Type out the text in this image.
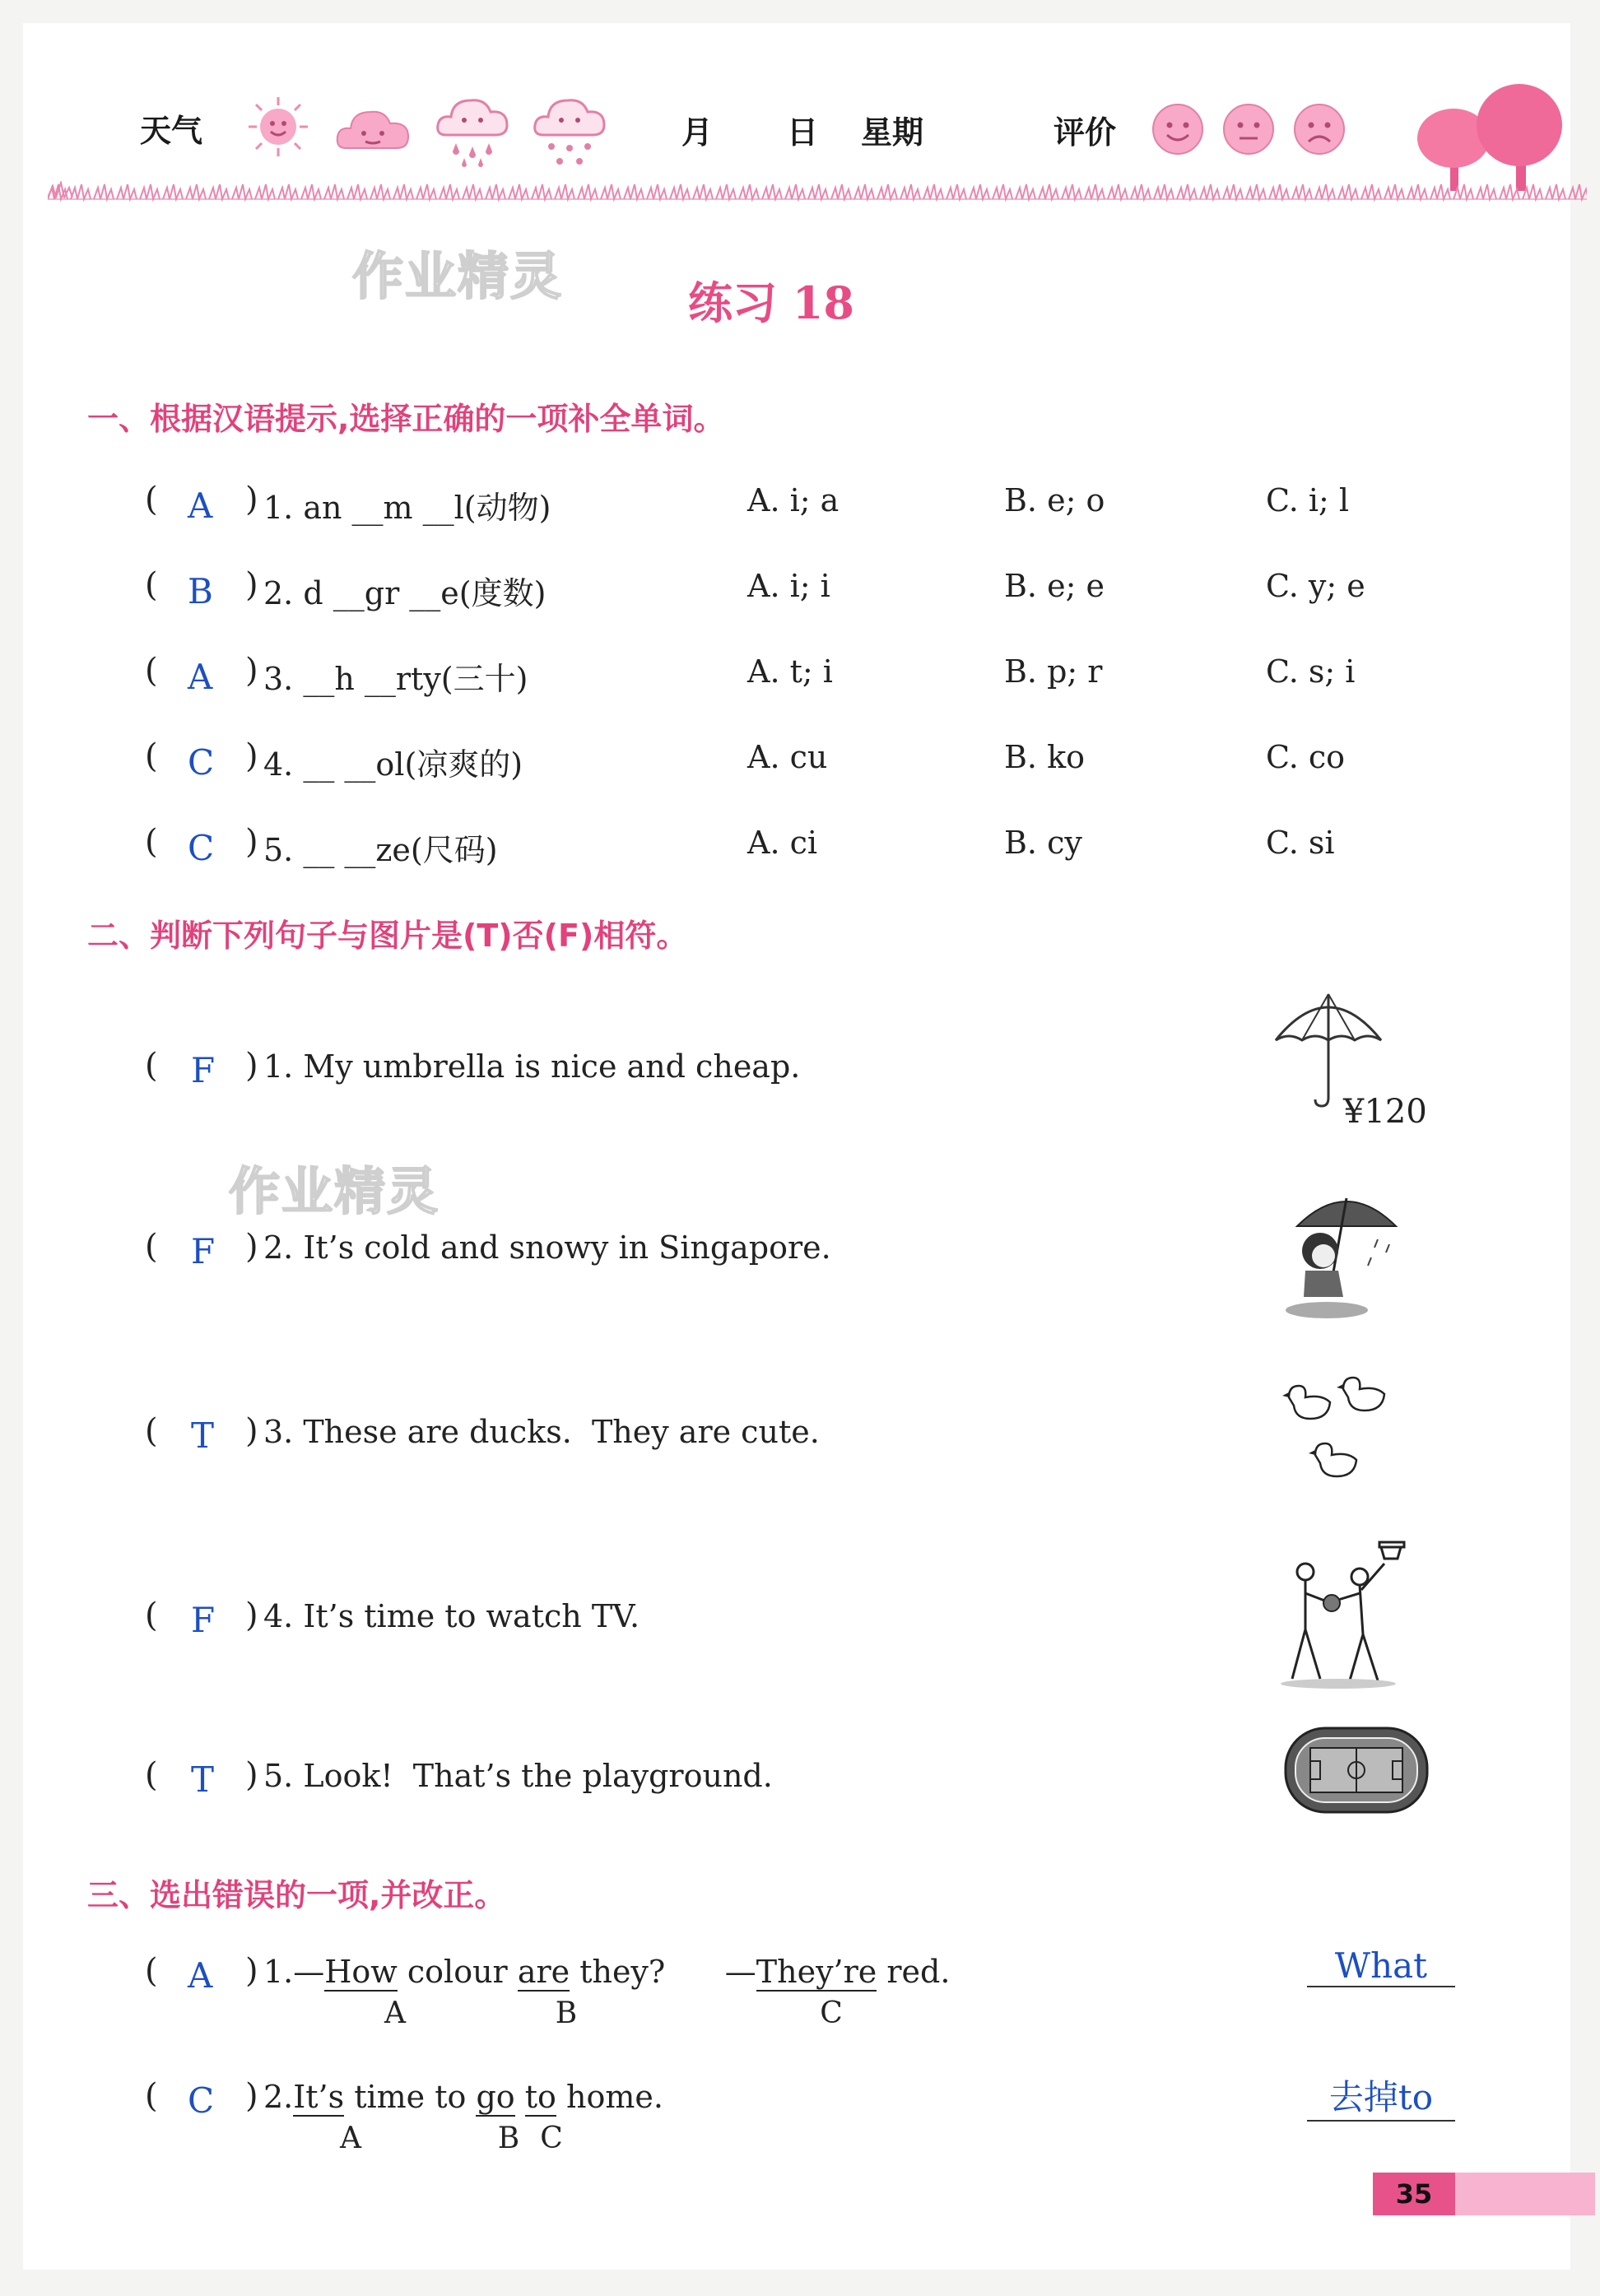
天气	月 日 星期	评价
作业精灵
作业精灵
练习 18
一、根据汉语提示,选择正确的一项补全单词。
( A ) 1. an __m __l(动物)	A. i; a	B. e; o	C. i; l
( B ) 2. d __gr __e(度数)	A. i; i	B. e; e	C. y; e
( A ) 3. __h __rty(三十)	A. t; i	B. p; r	C. s; i
( C ) 4. __ __ol(凉爽的)	A. cu	B. ko	C. co
( C ) 5. __ __ze(尺码)	A. ci	B. cy	C. si
二、判断下列句子与图片是(T)否(F)相符。
( F ) 1. My umbrella is nice and cheap.
¥120
( F ) 2. It’s cold and snowy in Singapore.
( T ) 3. These are ducks.  They are cute.
( F ) 4. It’s time to watch TV.
( T ) 5. Look!  That’s the playground.
三、选出错误的一项,并改正。
( A ) 1.—How colour are they? —They’re red.
A	B	C
What
( C ) 2.It’s time to go to home.
A	B C
去掉to
35
